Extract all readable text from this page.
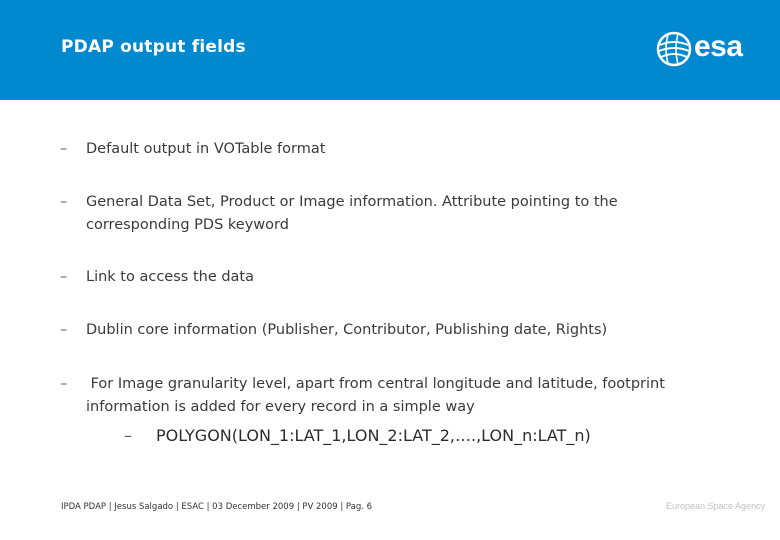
PDAP output fields	esa
– Default output in VOTable format
– General Data Set, Product or Image information. Attribute pointing to the corresponding PDS keyword
– Link to access the data
– Dublin core information (Publisher, Contributor, Publishing date, Rights)
– For Image granularity level, apart from central longitude and latitude, footprint information is added for every record in a simple way
– POLYGON(LON_1:LAT_1,LON_2:LAT_2,….,LON_n:LAT_n)
IPDA PDAP | Jesus Salgado | ESAC | 03 December 2009 | PV 2009 | Pag. 6	European Space Agency
